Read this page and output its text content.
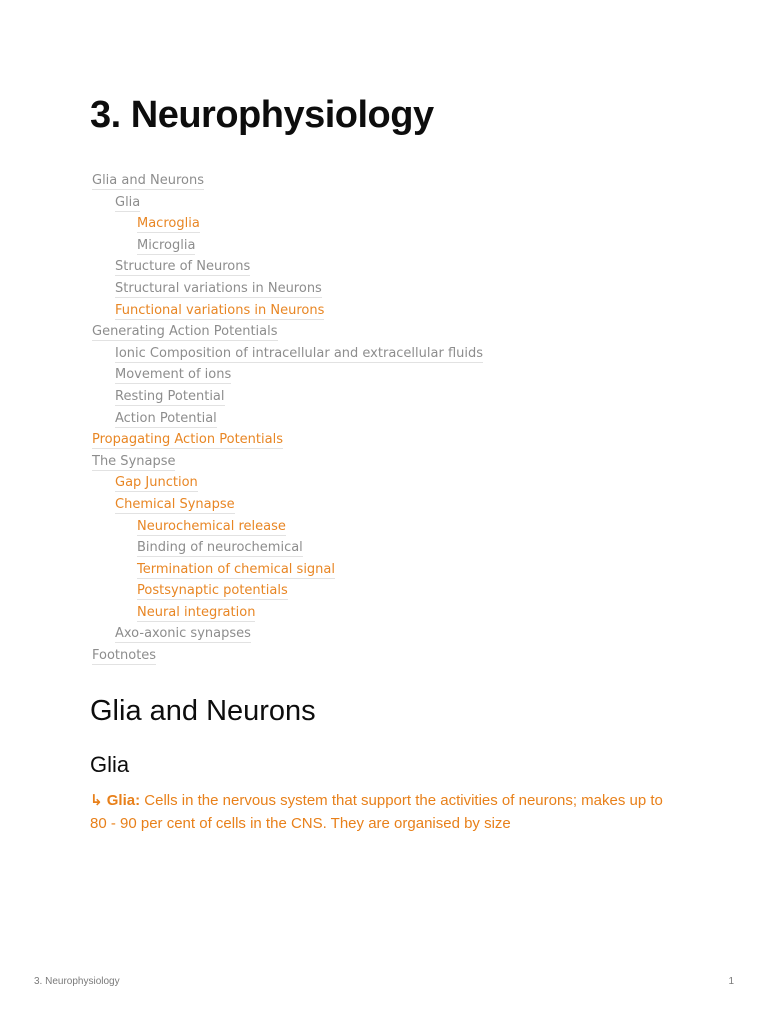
3. Neurophysiology
Glia and Neurons
Glia
Macroglia
Microglia
Structure of Neurons
Structural variations in Neurons
Functional variations in Neurons
Generating Action Potentials
Ionic Composition of intracellular and extracellular fluids
Movement of ions
Resting Potential
Action Potential
Propagating Action Potentials
The Synapse
Gap Junction
Chemical Synapse
Neurochemical release
Binding of neurochemical
Termination of chemical signal
Postsynaptic potentials
Neural integration
Axo-axonic synapses
Footnotes
Glia and Neurons
Glia

↳ Glia: Cells in the nervous system that support the activities of neurons; makes up to 80 - 90 per cent of cells in the CNS. They are organised by size

3. Neurophysiology	1
